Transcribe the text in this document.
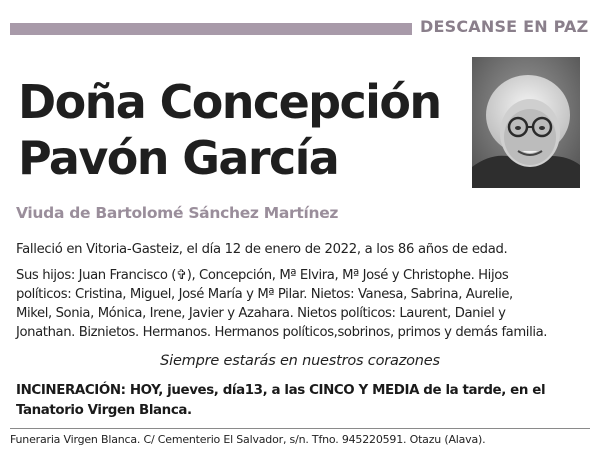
DESCANSE EN PAZ
Doña Concepción
Pavón García
Viuda de Bartolomé Sánchez Martínez
Falleció en Vitoria-Gasteiz, el día 12 de enero de 2022, a los 86 años de edad.
Sus hijos: Juan Francisco (✞), Concepción, Mª Elvira, Mª José y Christophe. Hijos
políticos: Cristina, Miguel, José María y Mª Pilar. Nietos: Vanesa, Sabrina, Aurelie,
Mikel, Sonia, Mónica, Irene, Javier y Azahara. Nietos políticos: Laurent, Daniel y
Jonathan. Biznietos. Hermanos. Hermanos políticos,sobrinos, primos y demás familia.
Siempre estarás en nuestros corazones
INCINERACIÓN: HOY, jueves, día13, a las CINCO Y MEDIA de la tarde, en el
Tanatorio Virgen Blanca.
Funeraria Virgen Blanca. C/ Cementerio El Salvador, s/n. Tfno. 945220591. Otazu (Alava).
